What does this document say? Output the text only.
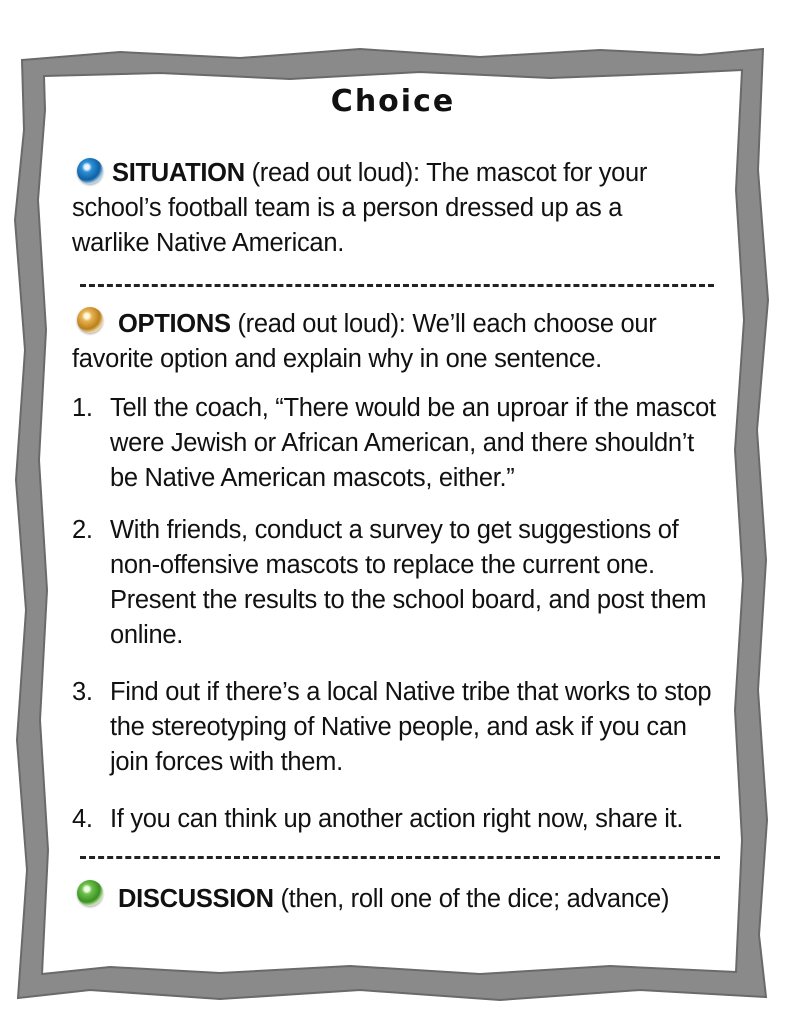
Choice
SITUATION (read out loud): The mascot for your school’s football team is a person dressed up as a warlike Native American.
OPTIONS (read out loud): We’ll each choose our favorite option and explain why in one sentence.
1. Tell the coach, “There would be an uproar if the mascot were Jewish or African American, and there shouldn’t be Native American mascots, either.”
2. With friends, conduct a survey to get suggestions of non-offensive mascots to replace the current one. Present the results to the school board, and post them online.
3. Find out if there’s a local Native tribe that works to stop the stereotyping of Native people, and ask if you can join forces with them.
4. If you can think up another action right now, share it.
DISCUSSION (then, roll one of the dice; advance)
